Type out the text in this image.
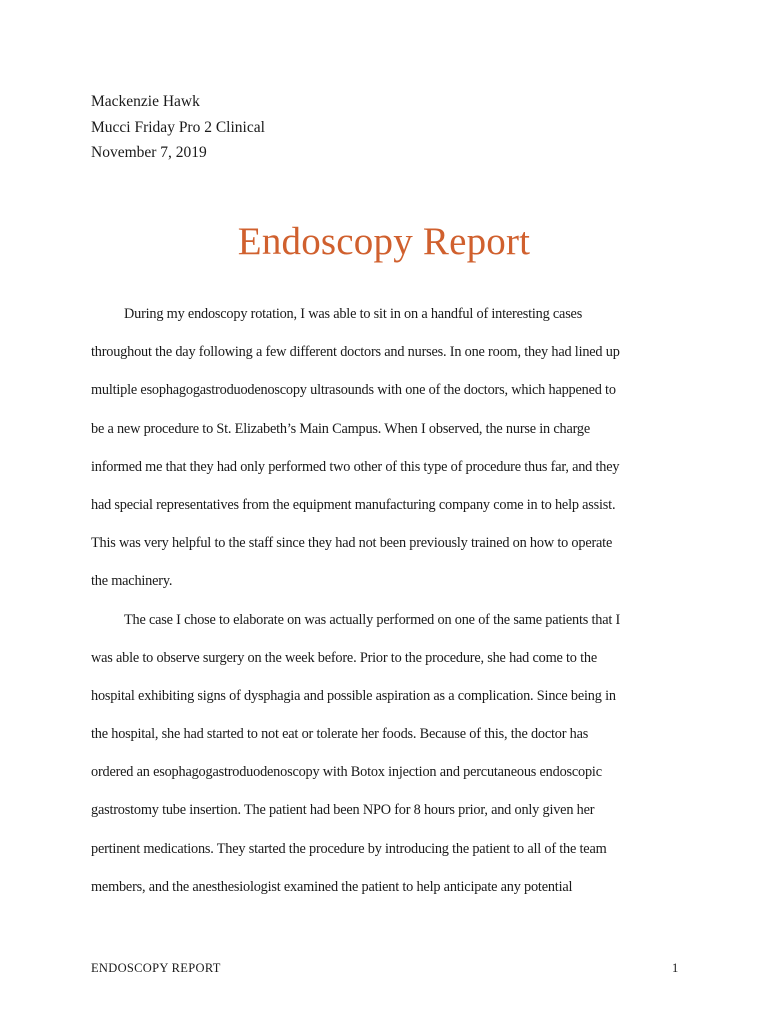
Mackenzie Hawk
Mucci Friday Pro 2 Clinical
November 7, 2019
Endoscopy Report
During my endoscopy rotation, I was able to sit in on a handful of interesting cases
throughout the day following a few different doctors and nurses. In one room, they had lined up
multiple esophagogastroduodenoscopy ultrasounds with one of the doctors, which happened to
be a new procedure to St. Elizabeth’s Main Campus. When I observed, the nurse in charge
informed me that they had only performed two other of this type of procedure thus far, and they
had special representatives from the equipment manufacturing company come in to help assist.
This was very helpful to the staff since they had not been previously trained on how to operate
the machinery.
The case I chose to elaborate on was actually performed on one of the same patients that I
was able to observe surgery on the week before. Prior to the procedure, she had come to the
hospital exhibiting signs of dysphagia and possible aspiration as a complication. Since being in
the hospital, she had started to not eat or tolerate her foods. Because of this, the doctor has
ordered an esophagogastroduodenoscopy with Botox injection and percutaneous endoscopic
gastrostomy tube insertion. The patient had been NPO for 8 hours prior, and only given her
pertinent medications. They started the procedure by introducing the patient to all of the team
members, and the anesthesiologist examined the patient to help anticipate any potential
ENDOSCOPY REPORT	1
